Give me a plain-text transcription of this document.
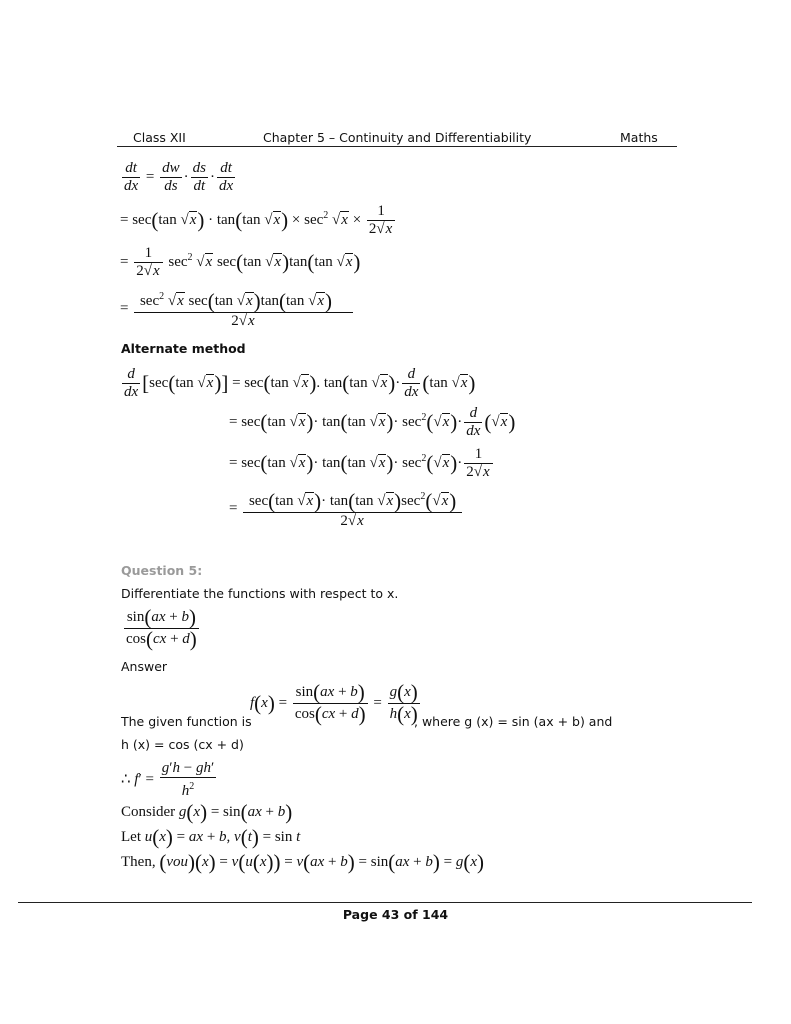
Class XII	Chapter 5 – Continuity and Differentiability	Maths
$\frac{dt}{dx} = \frac{dw}{ds} \cdot \frac{ds}{dt} \cdot \frac{dt}{dx}$
= sec(tan √x) · tan(tan $√x) \times \sec^2 √x \times \frac{1}{2√x}$
= $\frac{1}{2√x} \sec^2 √x$ sec(tan √x)tan(tan √x)
= $\frac{\sec^2 √x \sec(\tan √x)\tan(\tan √x)}{2√x}$
Alternate method
$\frac{d}{dx} [\sec(\tan$ √x)] = sec(tan √x). tan(tan $√x)\cdot \frac{d}{dx} (\tan$ √x)
= sec(tan √x)· tan(tan $√x)\cdot \sec^2(√x)\cdot \frac{d}{dx} (√x)$
= sec(tan √x)· tan(tan $√x)\cdot \sec^2(√x)\cdot \frac{1}{2√x}$
= $\frac{\sec(\tan √x)\cdot \tan(\tan √x)\sec^2(√x)}{2√x}$
Question 5:
Differentiate the functions with respect to x.
$\frac{\sin(ax + b)}{\cos(cx + d)}$
Answer
$f(x) = \frac{\sin(ax + b)}{\cos(cx + d)} = \frac{g(x)}{h(x)}$
The given function is	, where g (x) = sin (ax + b) and
h (x) = cos (cx + d)
∴ $f' = \frac{g'h - gh'}{h^2}$
Consider g(x) = sin(ax + b)
Let u(x) = ax + b, v(t) = sin t
Then, (vou)(x) = v(u(x)) = v(ax + b) = sin(ax + b) = g(x)
Page 43 of 144
